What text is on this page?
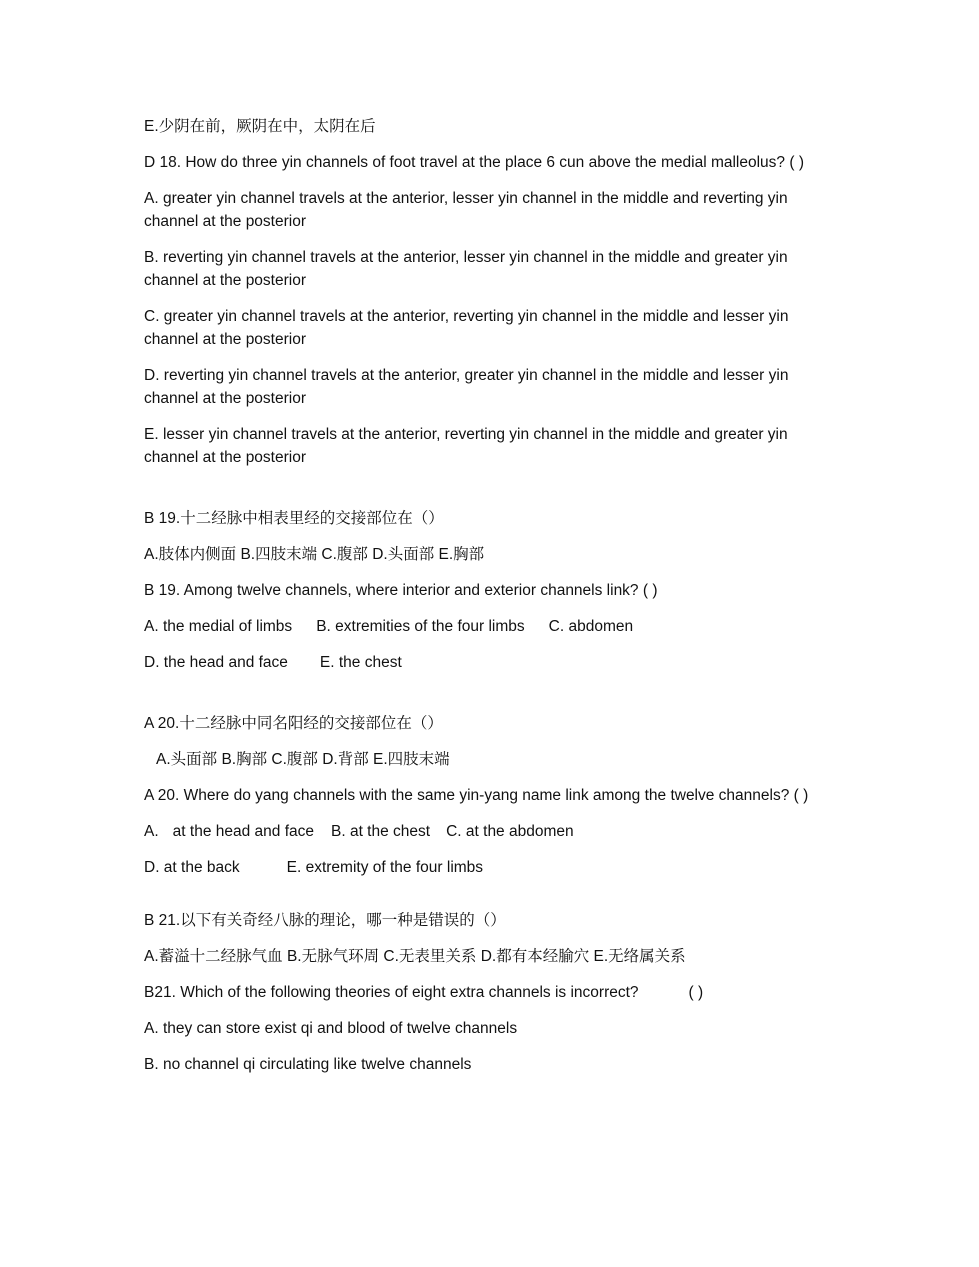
E.少阴在前，厥阴在中，太阴在后

D 18. How do three yin channels of foot travel at the place 6 cun above the medial malleolus? ( )

A. greater yin channel travels at the anterior, lesser yin channel in the middle and reverting yin channel at the posterior

B. reverting yin channel travels at the anterior, lesser yin channel in the middle and greater yin channel at the posterior

C. greater yin channel travels at the anterior, reverting yin channel in the middle and lesser yin channel at the posterior

D. reverting yin channel travels at the anterior, greater yin channel in the middle and lesser yin channel at the posterior

E. lesser yin channel travels at the anterior, reverting yin channel in the middle and greater yin channel at the posterior

B 19.十二经脉中相表里经的交接部位在（）

A.肢体内侧面 B.四肢末端 C.腹部 D.头面部 E.胸部

B 19. Among twelve channels, where interior and exterior channels link? ( )

A. the medial of limbs B. extremities of the four limbs C. abdomen
D. the head and face E. the chest

A 20.十二经脉中同名阳经的交接部位在（）

A.头面部 B.胸部 C.腹部 D.背部 E.四肢末端

A 20. Where do yang channels with the same yin-yang name link among the twelve channels? ( )

A. at the head and face B. at the chest C. at the abdomen
D. at the back	E. extremity of the four limbs

B 21.以下有关奇经八脉的理论，哪一种是错误的（）

A.蓄溢十二经脉气血 B.无脉气环周 C.无表里关系 D.都有本经腧穴 E.无络属关系

B21. Which of the following theories of eight extra channels is incorrect?	( )

A. they can store exist qi and blood of twelve channels

B. no channel qi circulating like twelve channels
